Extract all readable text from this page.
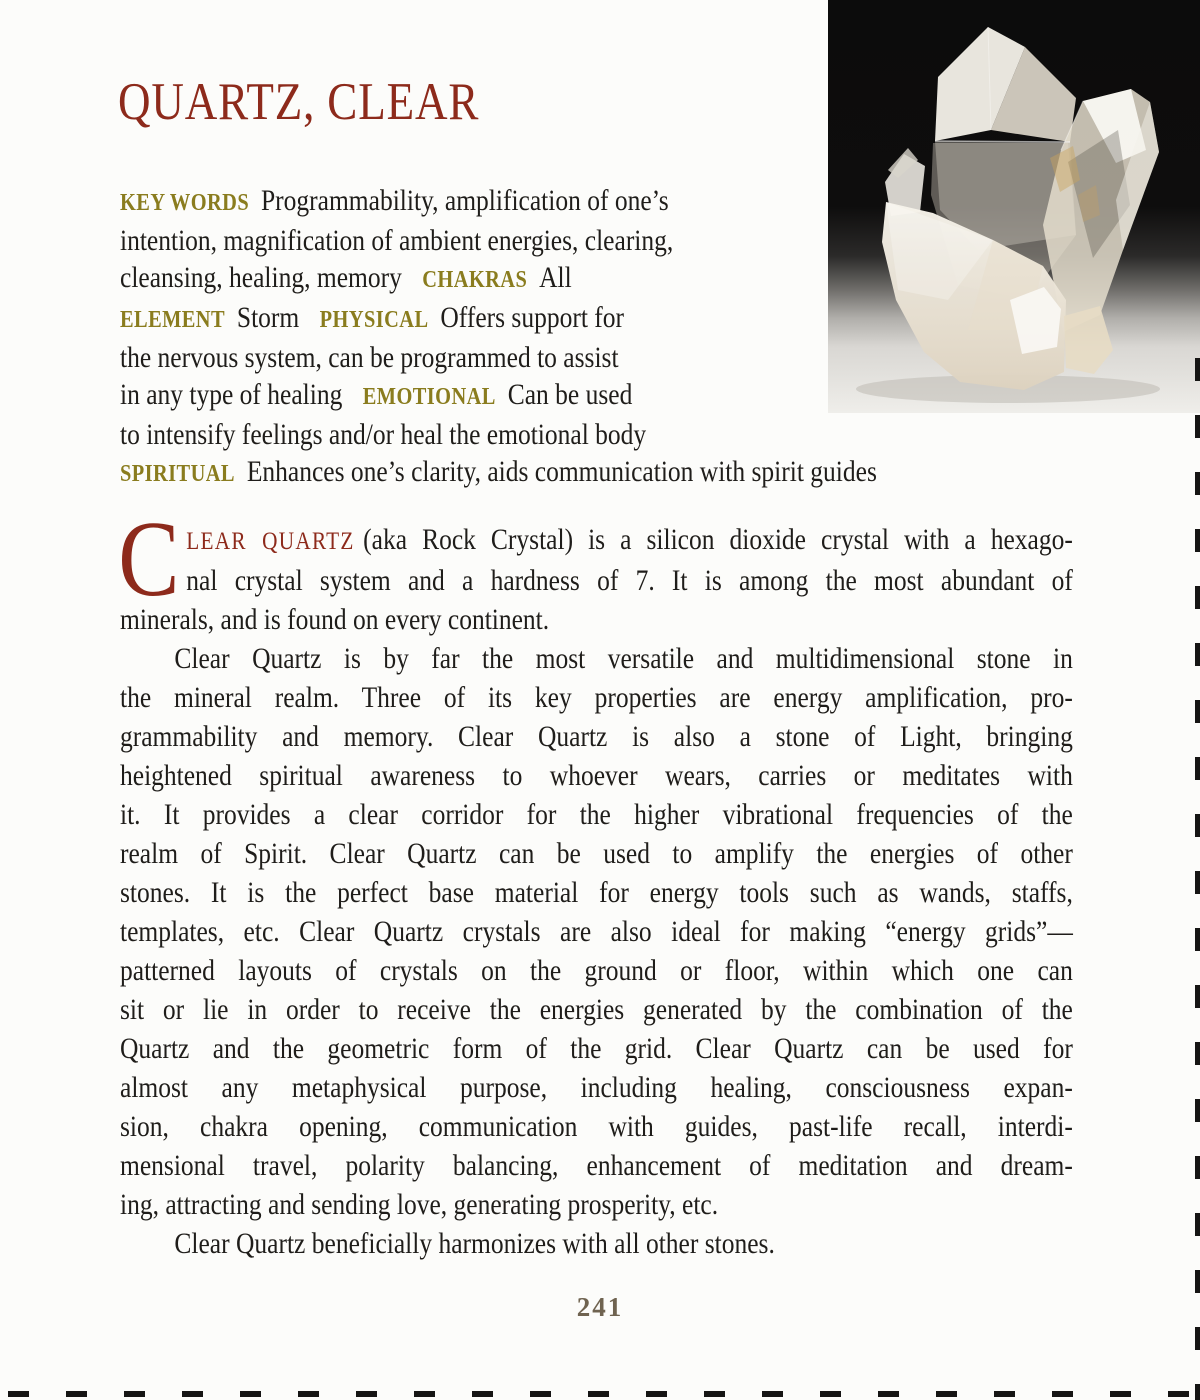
QUARTZ, CLEAR
KEY WORDS Programmability, amplification of one’s
intention, magnification of ambient energies, clearing,
cleansing, healing, memory CHAKRAS All
ELEMENT Storm PHYSICAL Offers support for
the nervous system, can be programmed to assist
in any type of healing EMOTIONAL Can be used
to intensify feelings and/or heal the emotional body
SPIRITUAL Enhances one’s clarity, aids communication with spirit guides
C LEAR QUARTZ (aka Rock Crystal) is a silicon dioxide crystal with a hexago-
nal crystal system and a hardness of 7. It is among the most abundant of
minerals, and is found on every continent.
Clear Quartz is by far the most versatile and multidimensional stone in
the mineral realm. Three of its key properties are energy amplification, pro-
grammability and memory. Clear Quartz is also a stone of Light, bringing
heightened spiritual awareness to whoever wears, carries or meditates with
it. It provides a clear corridor for the higher vibrational frequencies of the
realm of Spirit. Clear Quartz can be used to amplify the energies of other
stones. It is the perfect base material for energy tools such as wands, staffs,
templates, etc. Clear Quartz crystals are also ideal for making “energy grids”—
patterned layouts of crystals on the ground or floor, within which one can
sit or lie in order to receive the energies generated by the combination of the
Quartz and the geometric form of the grid. Clear Quartz can be used for
almost any metaphysical purpose, including healing, consciousness expan-
sion, chakra opening, communication with guides, past-life recall, interdi-
mensional travel, polarity balancing, enhancement of meditation and dream-
ing, attracting and sending love, generating prosperity, etc.
Clear Quartz beneficially harmonizes with all other stones.
241
